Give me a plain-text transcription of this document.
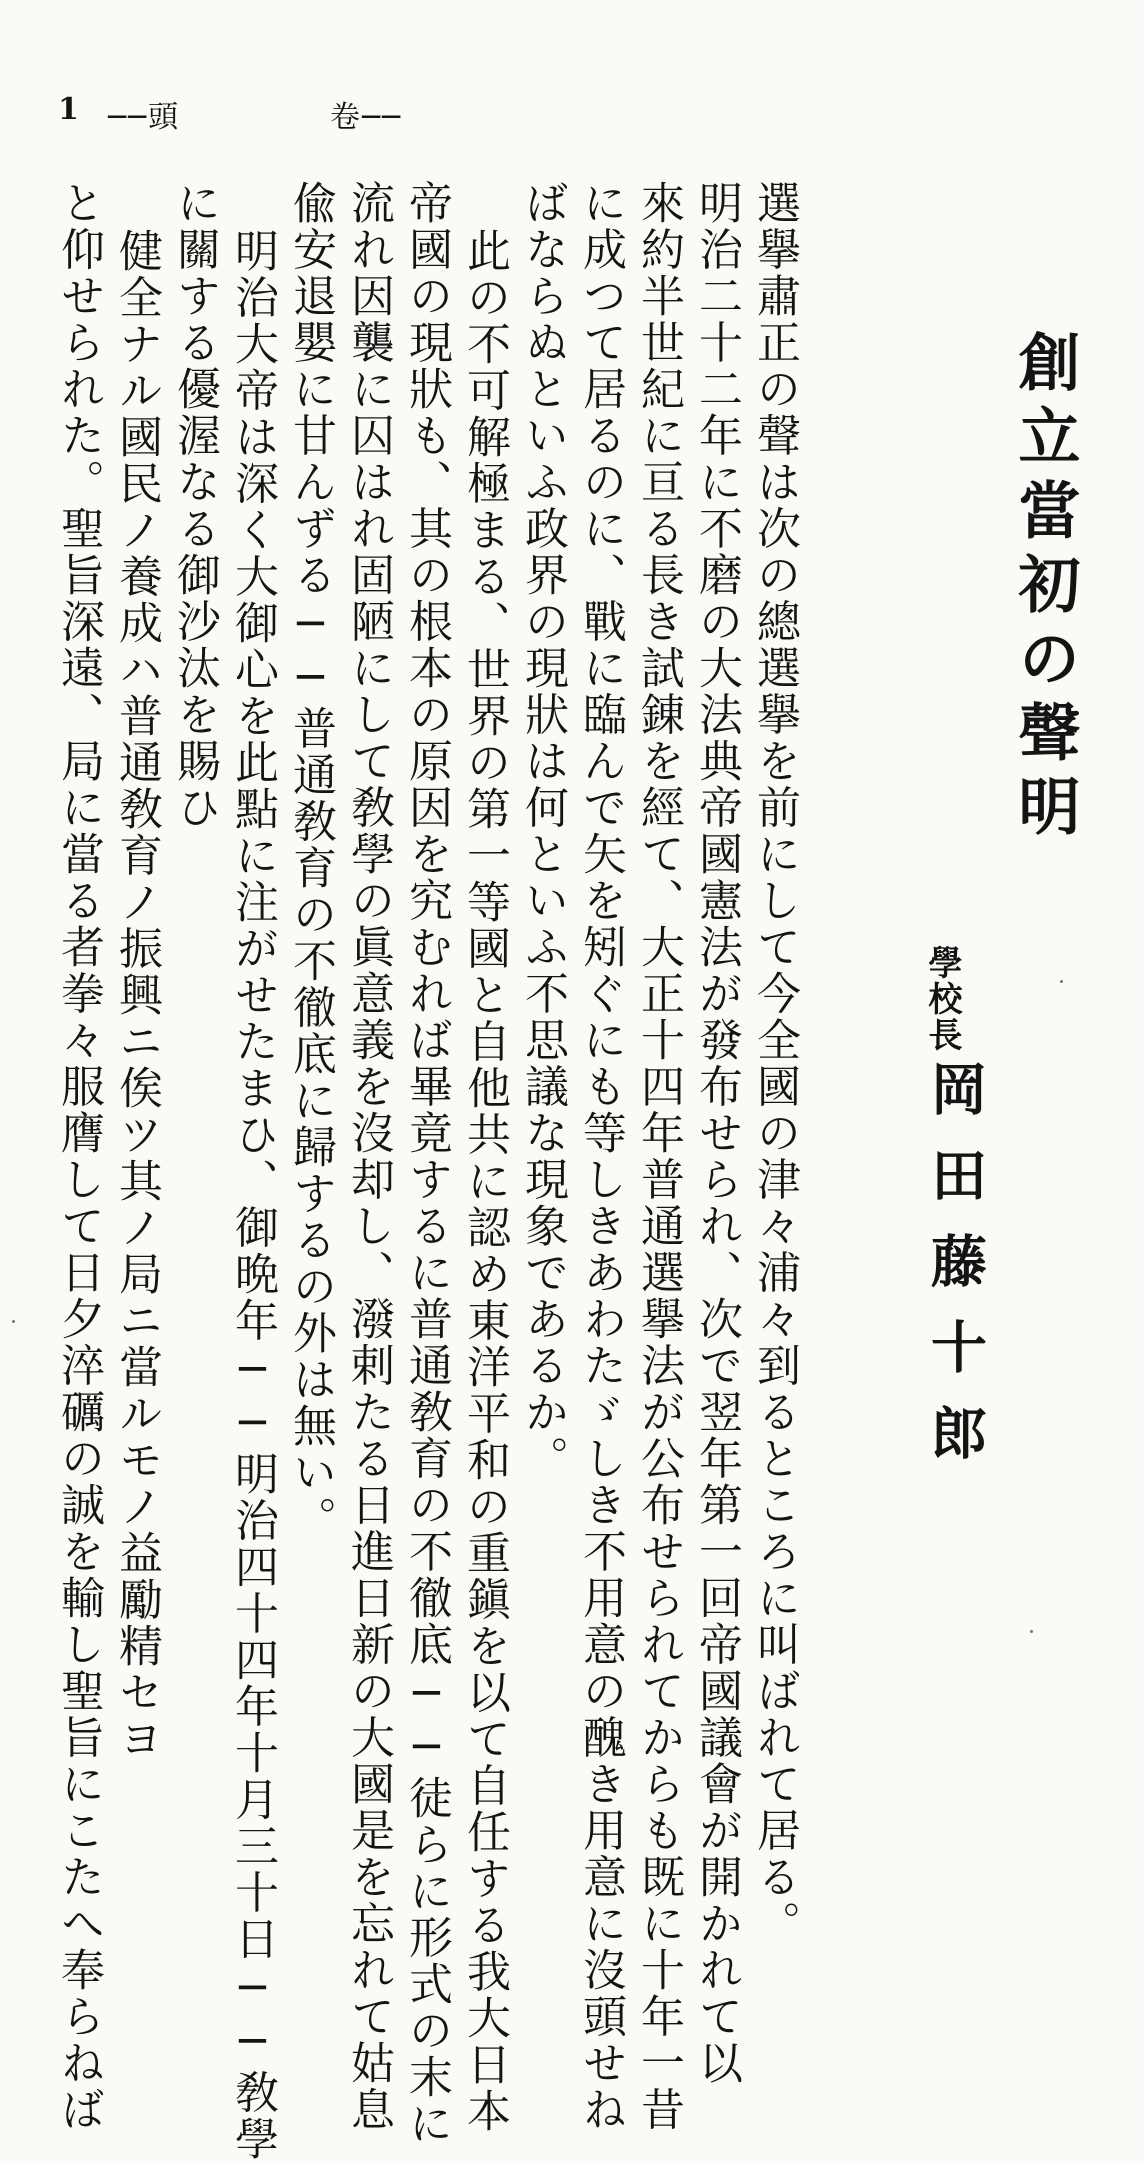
1 ──頭	卷──
創立當初の聲明
學校長
岡田藤十郎
選擧肅正の聲は次の總選擧を前にして今全國の津々浦々到るところに叫ばれて居る。
明治二十二年に不磨の大法典帝國憲法が發布せられ、次で翌年第一回帝國議會が開かれて以
來約半世紀に亘る長き試錬を經て、大正十四年普通選擧法が公布せられてからも既に十年一昔
に成つて居るのに、戰に臨んで矢を矧ぐにも等しきあわたゞしき不用意の醜き用意に沒頭せね
ばならぬといふ政界の現狀は何といふ不思議な現象であるか。
此の不可解極まる、世界の第一等國と自他共に認め東洋平和の重鎭を以て自任する我大日本
帝國の現狀も、其の根本の原因を究むれば畢竟するに普通敎育の不徹底──徒らに形式の末に
流れ因襲に囚はれ固陋にして敎學の眞意義を沒却し、潑剌たる日進日新の大國是を忘れて姑息
偸安退嬰に甘んずる──普通敎育の不徹底に歸するの外は無い。
明治大帝は深く大御心を此點に注がせたまひ、御晩年──明治四十四年十月三十日──敎學
に關する優渥なる御沙汰を賜ひ
健全ナル國民ノ養成ハ普通敎育ノ振興ニ俟ツ其ノ局ニ當ルモノ益勵精セヨ
と仰せられた。聖旨深遠、局に當る者拳々服膺して日夕淬礪の誠を輸し聖旨にこたへ奉らねば
